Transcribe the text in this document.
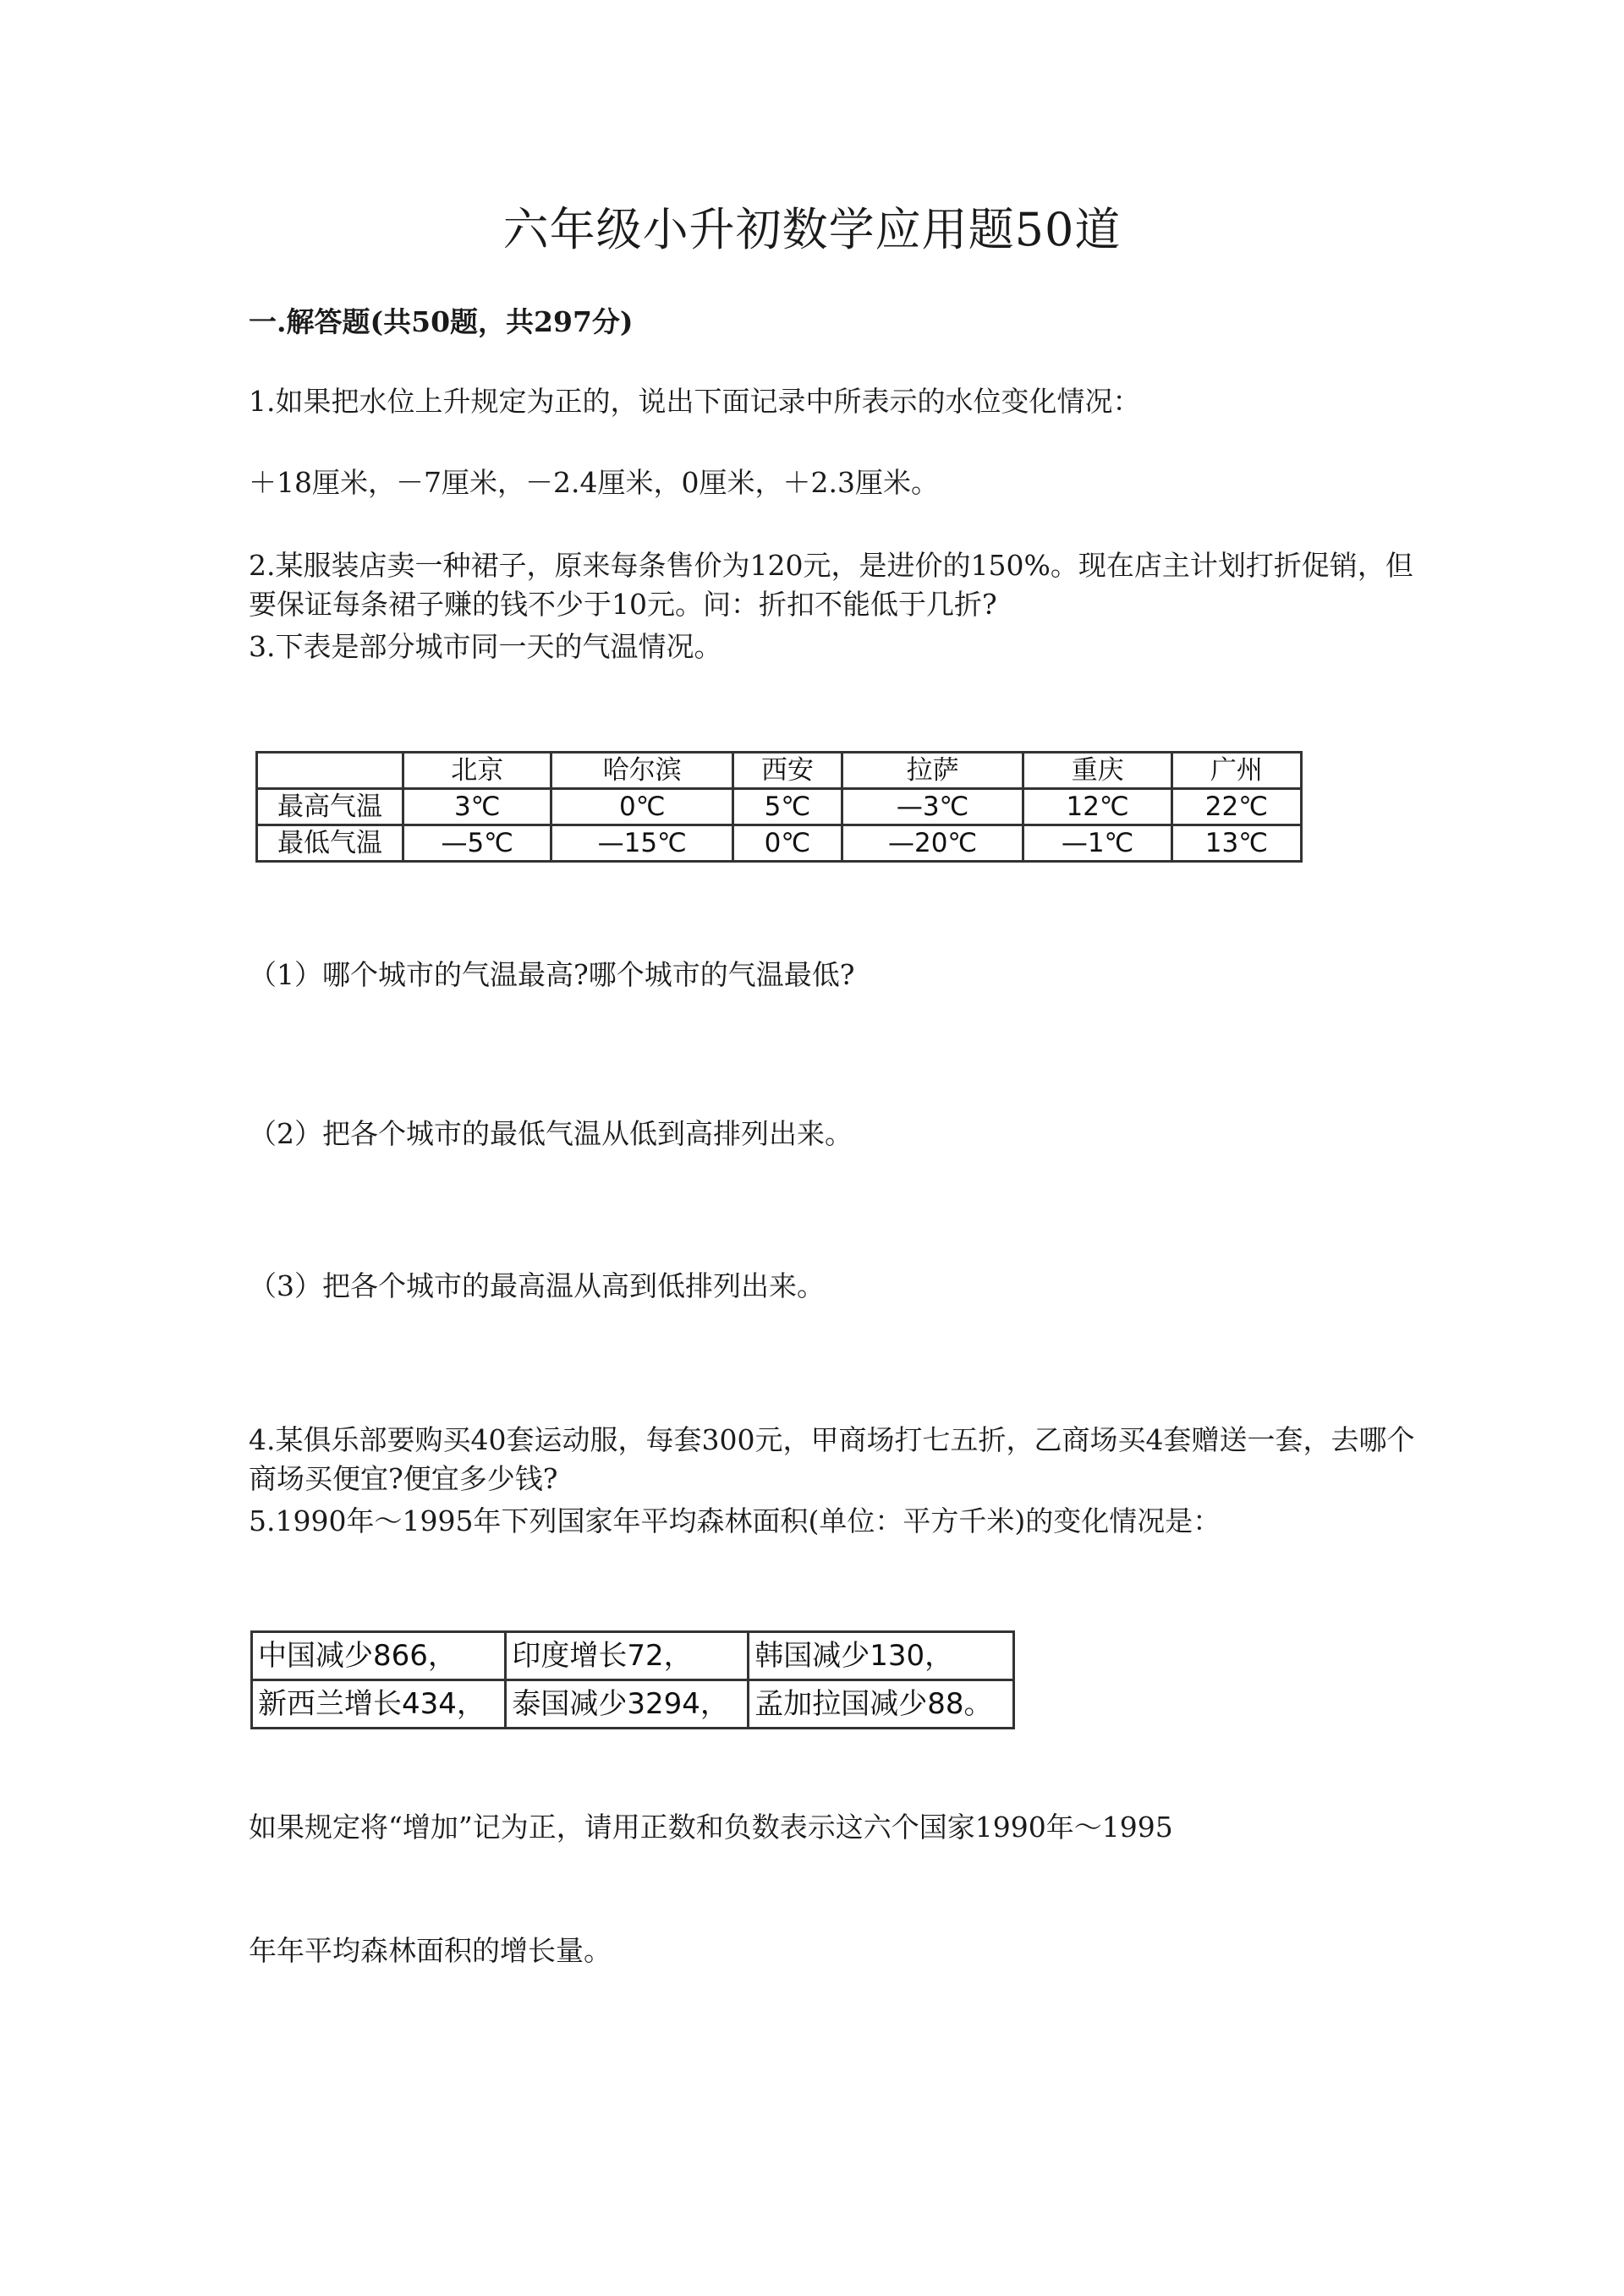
六年级小升初数学应用题50道
一.解答题(共50题，共297分)
1.如果把水位上升规定为正的，说出下面记录中所表示的水位变化情况：
＋18厘米，－7厘米，－2.4厘米，0厘米，＋2.3厘米。
2.某服装店卖一种裙子，原来每条售价为120元，是进价的150%。现在店主计划打折促销，但要保证每条裙子赚的钱不少于10元。问：折扣不能低于几折?
3.下表是部分城市同一天的气温情况。
	北京	哈尔滨	西安	拉萨	重庆	广州
最高气温	3℃	0℃	5℃	—3℃	12℃	22℃
最低气温	—5℃	—15℃	0℃	—20℃	—1℃	13℃
（1）哪个城市的气温最高?哪个城市的气温最低?
（2）把各个城市的最低气温从低到高排列出来。
（3）把各个城市的最高温从高到低排列出来。
4.某俱乐部要购买40套运动服，每套300元，甲商场打七五折，乙商场买4套赠送一套，去哪个商场买便宜?便宜多少钱?
5.1990年～1995年下列国家年平均森林面积(单位：平方千米)的变化情况是：
中国减少866，	印度增长72，	韩国减少130，
新西兰增长434，	泰国减少3294，	孟加拉国减少88。
如果规定将“增加”记为正，请用正数和负数表示这六个国家1990年～1995
年年平均森林面积的增长量。
